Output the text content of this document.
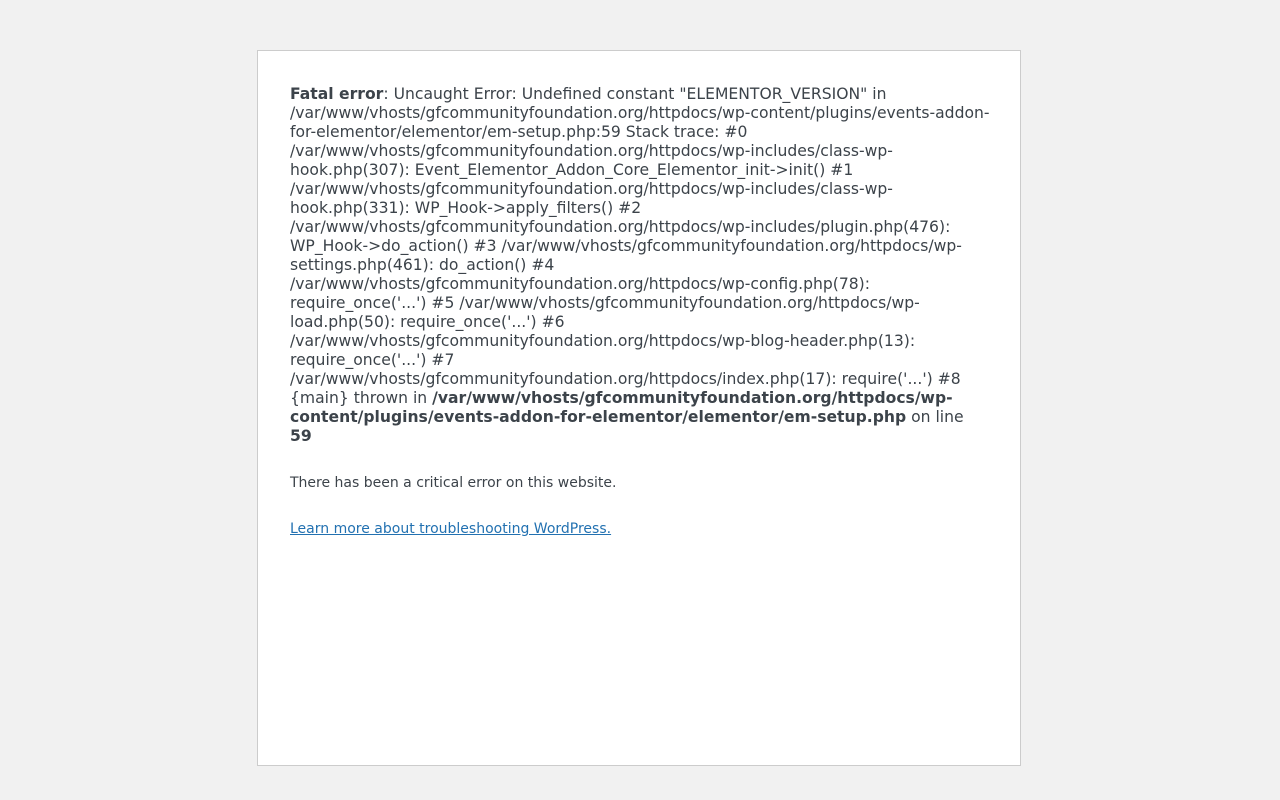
Fatal error: Uncaught Error: Undefined constant "ELEMENTOR_VERSION" in /var/www/vhosts/gfcommunityfoundation.org/httpdocs/wp-content/plugins/events-addon-for-elementor/elementor/em-setup.php:59 Stack trace: #0 /var/www/vhosts/gfcommunityfoundation.org/httpdocs/wp-includes/class-wp-hook.php(307): Event_Elementor_Addon_Core_Elementor_init->init() #1 /var/www/vhosts/gfcommunityfoundation.org/httpdocs/wp-includes/class-wp-hook.php(331): WP_Hook->apply_filters() #2 /var/www/vhosts/gfcommunityfoundation.org/httpdocs/wp-includes/plugin.php(476): WP_Hook->do_action() #3 /var/www/vhosts/gfcommunityfoundation.org/httpdocs/wp-settings.php(461): do_action() #4 /var/www/vhosts/gfcommunityfoundation.org/httpdocs/wp-config.php(78): require_once('...') #5 /var/www/vhosts/gfcommunityfoundation.org/httpdocs/wp-load.php(50): require_once('...') #6 /var/www/vhosts/gfcommunityfoundation.org/httpdocs/wp-blog-header.php(13): require_once('...') #7 /var/www/vhosts/gfcommunityfoundation.org/httpdocs/index.php(17): require('...') #8 {main} thrown in /var/www/vhosts/gfcommunityfoundation.org/httpdocs/wp-content/plugins/events-addon-for-elementor/elementor/em-setup.php on line 59

There has been a critical error on this website.

Learn more about troubleshooting WordPress.
